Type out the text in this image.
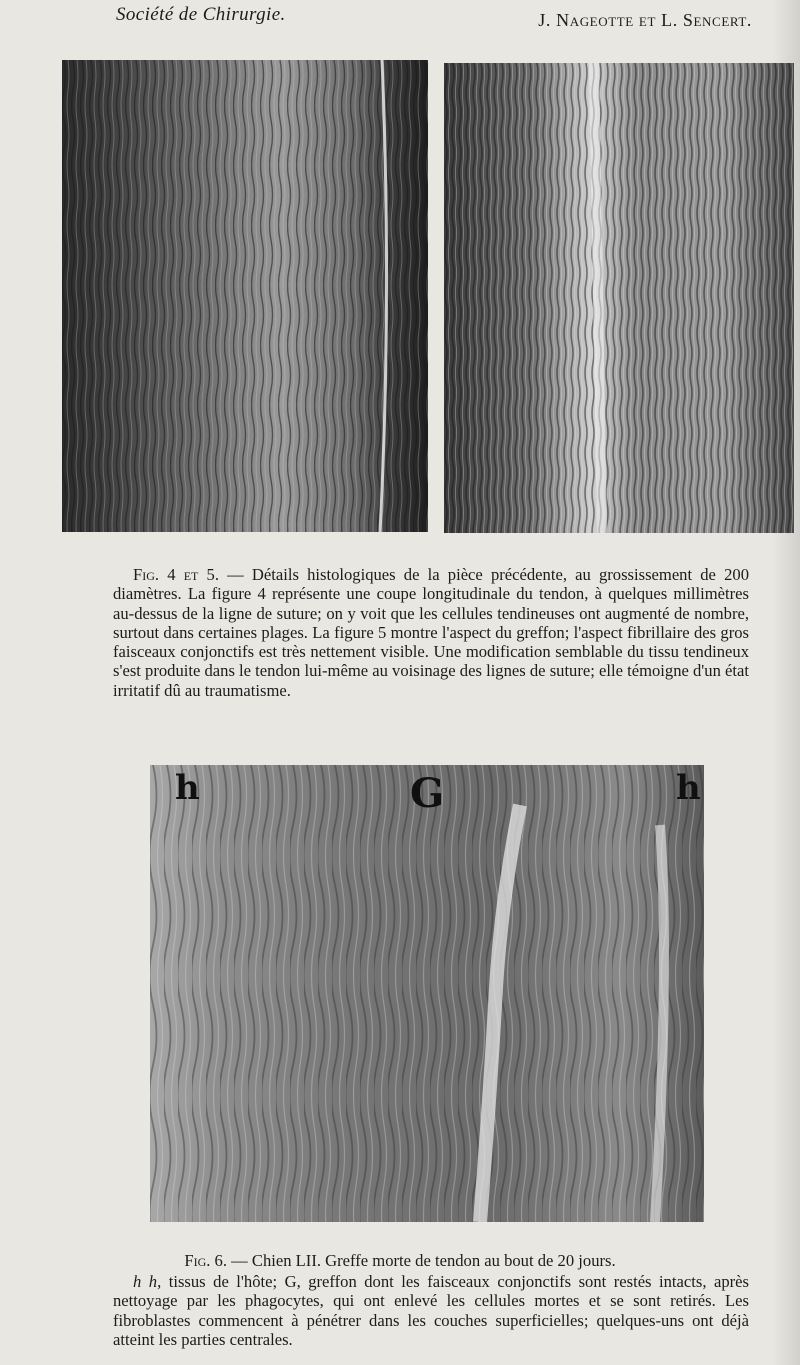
Société de Chirurgie.	J. Nageotte et L. Sencert.
Fig. 4 et 5. — Détails histologiques de la pièce précédente, au grossissement de 200 diamètres. La figure 4 représente une coupe longitudinale du tendon, à quelques millimètres au-dessus de la ligne de suture; on y voit que les cellules tendineuses ont augmenté de nombre, surtout dans certaines plages. La figure 5 montre l'aspect du greffon; l'aspect fibrillaire des gros faisceaux conjonctifs est très nettement visible. Une modification semblable du tissu tendineux s'est produite dans le tendon lui-même au voisinage des lignes de suture; elle témoigne d'un état irritatif dû au traumatisme.
h	G	h
Fig. 6. — Chien LII. Greffe morte de tendon au bout de 20 jours.
h h, tissus de l'hôte; G, greffon dont les faisceaux conjonctifs sont restés intacts, après nettoyage par les phagocytes, qui ont enlevé les cellules mortes et se sont retirés. Les fibroblastes commencent à pénétrer dans les couches superficielles; quelques-uns ont déjà atteint les parties centrales.
